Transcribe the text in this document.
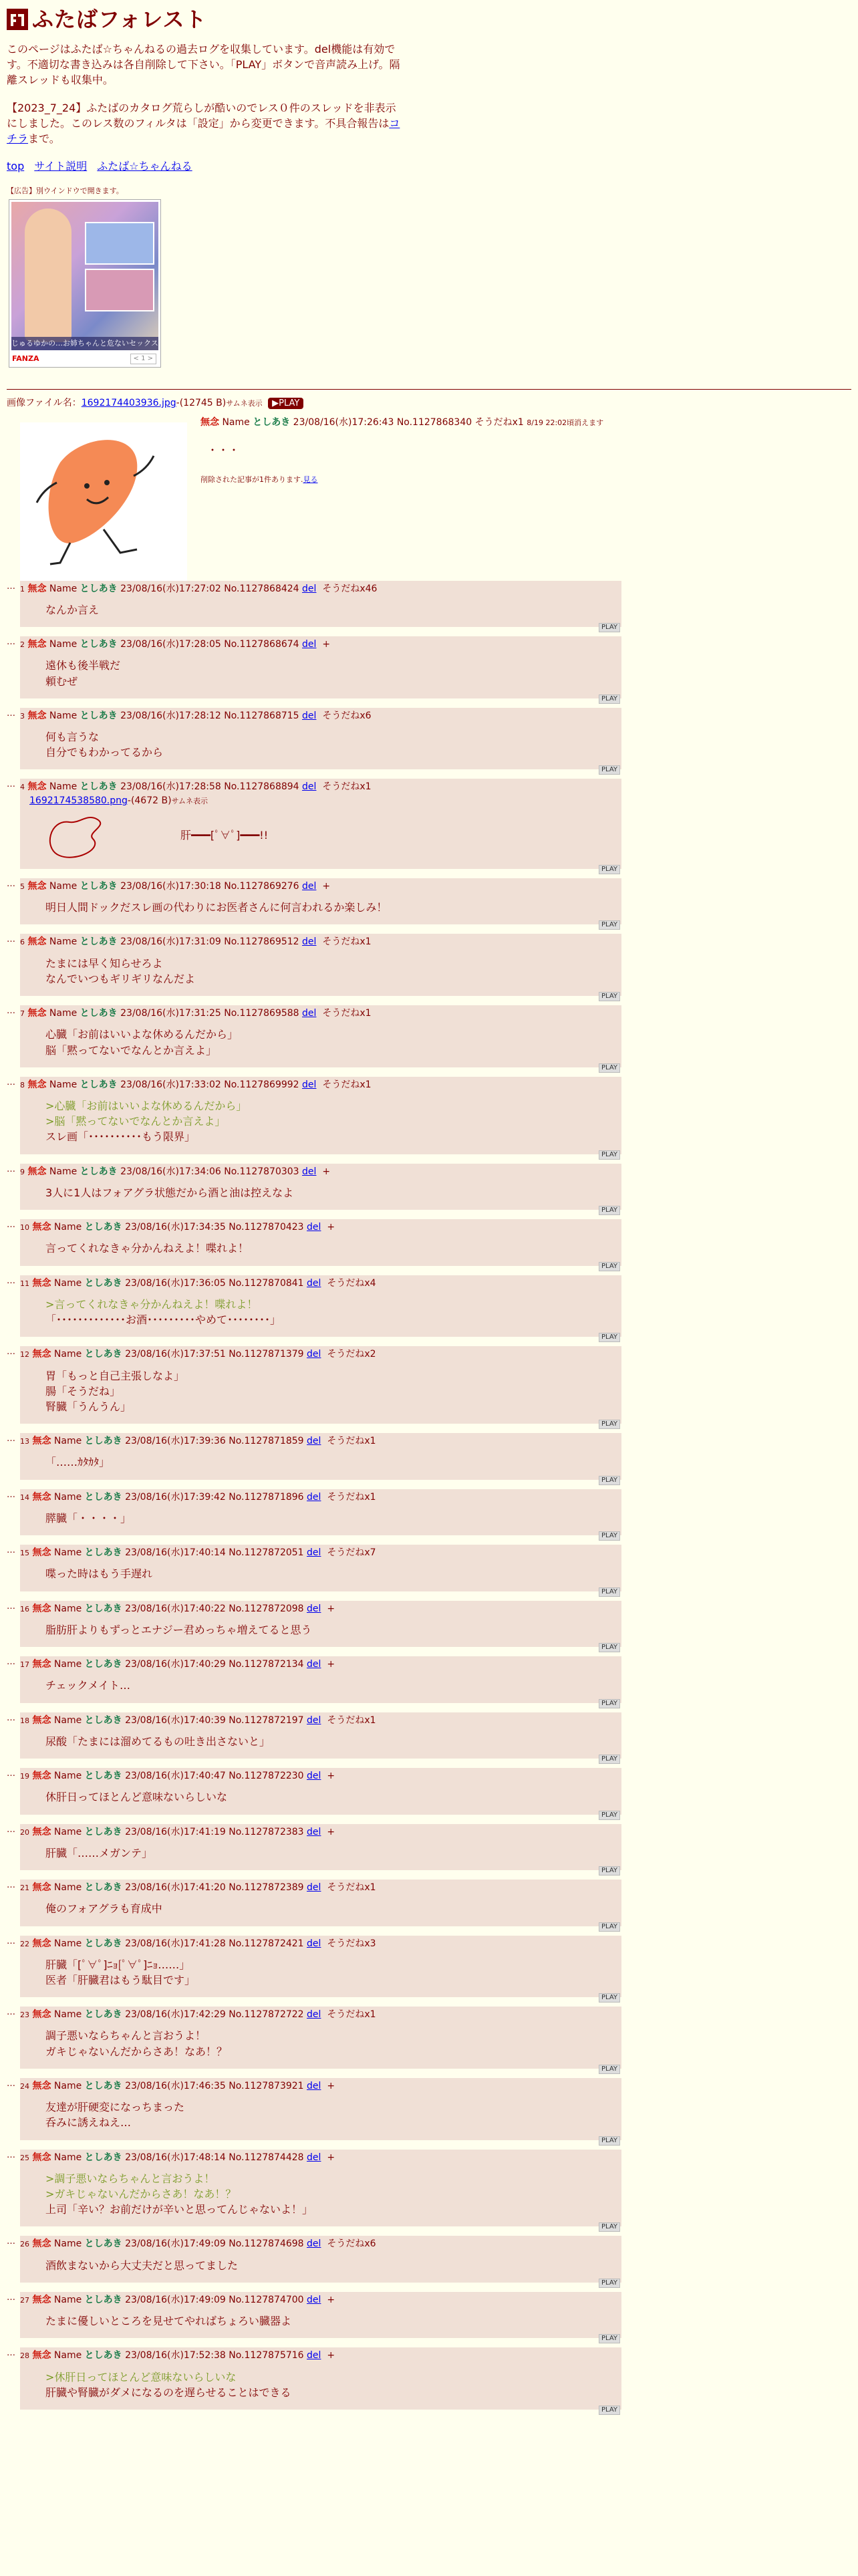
ふたばフォレスト

このページはふたば☆ちゃんねるの過去ログを収集しています。del機能は有効です。不適切な書き込みは各自削除して下さい。「PLAY」ボタンで音声読み上げ。隔離スレッドも収集中。

【2023_7_24】ふたばのカタログ荒らしが酷いのでレス０件のスレッドを非表示にしました。このレス数のフィルタは「設定」から変更できます。不具合報告はコチラまで。

top サイト説明 ふたば☆ちゃんねる
【広告】別ウインドウで開きます。
じゅるゆかの…お姉ちゃんと危ないセックス
FANZA	< 1 >
画像ファイル名：1692174403936.jpg-(12745 B)サムネ表示 ▶PLAY
無念 Name としあき 23/08/16(水)17:26:43 No.1127868340 そうだねx1 8/19 22:02頃消えます
・・・
削除された記事が1件あります.見る
… 1 無念 Name としあき 23/08/16(水)17:27:02 No.1127868424 del そうだねx46
なんか言え
PLAY
… 2 無念 Name としあき 23/08/16(水)17:28:05 No.1127868674 del +
遠休も後半戦だ
頼むぜ
PLAY
… 3 無念 Name としあき 23/08/16(水)17:28:12 No.1127868715 del そうだねx6
何も言うな
自分でもわかってるから
PLAY
… 4 無念 Name としあき 23/08/16(水)17:28:58 No.1127868894 del そうだねx1
1692174538580.png-(4672 B)サムネ表示
肝━━━[ﾟ∀ﾟ]━━━!!
PLAY
… 5 無念 Name としあき 23/08/16(水)17:30:18 No.1127869276 del +
明日人間ドックだスレ画の代わりにお医者さんに何言われるか楽しみ！
PLAY
… 6 無念 Name としあき 23/08/16(水)17:31:09 No.1127869512 del そうだねx1
たまには早く知らせろよ
なんでいつもギリギリなんだよ
PLAY
… 7 無念 Name としあき 23/08/16(水)17:31:25 No.1127869588 del そうだねx1
心臓「お前はいいよな休めるんだから」
脳「黙ってないでなんとか言えよ」
PLAY
… 8 無念 Name としあき 23/08/16(水)17:33:02 No.1127869992 del そうだねx1
>心臓「お前はいいよな休めるんだから」
>脳「黙ってないでなんとか言えよ」
スレ画「･･････････もう限界」
PLAY
… 9 無念 Name としあき 23/08/16(水)17:34:06 No.1127870303 del +
3人に1人はフォアグラ状態だから酒と油は控えなよ
PLAY
… 10 無念 Name としあき 23/08/16(水)17:34:35 No.1127870423 del +
言ってくれなきゃ分かんねえよ！喋れよ！
PLAY
… 11 無念 Name としあき 23/08/16(水)17:36:05 No.1127870841 del そうだねx4
>言ってくれなきゃ分かんねえよ！喋れよ！
「･････････････お酒･････････やめて････････」
PLAY
… 12 無念 Name としあき 23/08/16(水)17:37:51 No.1127871379 del そうだねx2
胃「もっと自己主張しなよ」
腸「そうだね」
腎臓「うんうん」
PLAY
… 13 無念 Name としあき 23/08/16(水)17:39:36 No.1127871859 del そうだねx1
「……ｶﾀｶﾀ」
PLAY
… 14 無念 Name としあき 23/08/16(水)17:39:42 No.1127871896 del そうだねx1
膵臓「・・・・」
PLAY
… 15 無念 Name としあき 23/08/16(水)17:40:14 No.1127872051 del そうだねx7
喋った時はもう手遅れ
PLAY
… 16 無念 Name としあき 23/08/16(水)17:40:22 No.1127872098 del +
脂肪肝よりもずっとエナジー君めっちゃ増えてると思う
PLAY
… 17 無念 Name としあき 23/08/16(水)17:40:29 No.1127872134 del +
チェックメイト…
PLAY
… 18 無念 Name としあき 23/08/16(水)17:40:39 No.1127872197 del そうだねx1
尿酸「たまには溜めてるもの吐き出さないと」
PLAY
… 19 無念 Name としあき 23/08/16(水)17:40:47 No.1127872230 del +
休肝日ってほとんど意味ないらしいな
PLAY
… 20 無念 Name としあき 23/08/16(水)17:41:19 No.1127872383 del +
肝臓「……メガンテ」
PLAY
… 21 無念 Name としあき 23/08/16(水)17:41:20 No.1127872389 del そうだねx1
俺のフォアグラも育成中
PLAY
… 22 無念 Name としあき 23/08/16(水)17:41:28 No.1127872421 del そうだねx3
肝臓「[ﾟ∀ﾟ]ﾆｮ[ﾟ∀ﾟ]ﾆｮ……」
医者「肝臓君はもう駄目です」
PLAY
… 23 無念 Name としあき 23/08/16(水)17:42:29 No.1127872722 del そうだねx1
調子悪いならちゃんと言おうよ！
ガキじゃないんだからさあ！なあ！？
PLAY
… 24 無念 Name としあき 23/08/16(水)17:46:35 No.1127873921 del +
友達が肝硬変になっちまった
呑みに誘えねえ…
PLAY
… 25 無念 Name としあき 23/08/16(水)17:48:14 No.1127874428 del +
>調子悪いならちゃんと言おうよ！
>ガキじゃないんだからさあ！なあ！？
上司「辛い？お前だけが辛いと思ってんじゃないよ！」
PLAY
… 26 無念 Name としあき 23/08/16(水)17:49:09 No.1127874698 del そうだねx6
酒飲まないから大丈夫だと思ってました
PLAY
… 27 無念 Name としあき 23/08/16(水)17:49:09 No.1127874700 del +
たまに優しいところを見せてやればちょろい臓器よ
PLAY
… 28 無念 Name としあき 23/08/16(水)17:52:38 No.1127875716 del +
>休肝日ってほとんど意味ないらしいな
肝臓や腎臓がダメになるのを遅らせることはできる
PLAY
